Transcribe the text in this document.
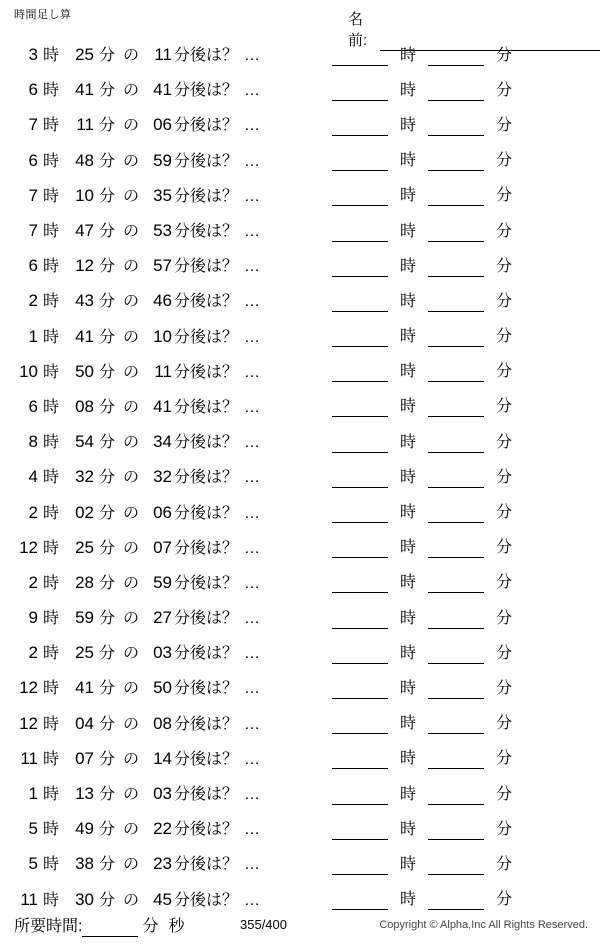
時間足し算	名前:
3 時 25 分 の 11 分後は？ …	時	分
6 時 41 分 の 41 分後は？ …	時	分
7 時	11 分 の 06 分後は？ …	時	分
6 時 48 分 の 59 分後は？ …	時	分
7 時 10 分 の 35 分後は？ …	時	分
7 時 47 分 の 53 分後は？ …	時	分
6 時 12 分 の 57 分後は？ …	時	分
2 時 43 分 の 46 分後は？ …	時	分
1 時 41 分 の 10 分後は？ …	時	分
10 時 50 分 の 11 分後は？ …	時	分
6 時 08 分 の 41 分後は？ …	時	分
8 時 54 分 の 34 分後は？ …	時	分
4 時 32 分 の 32 分後は？ …	時	分
2 時 02 分 の 06 分後は？ …	時	分
12 時 25 分 の 07 分後は？ …	時	分
2 時 28 分 の 59 分後は？ …	時	分
9 時 59 分 の 27 分後は？ …	時	分
2 時 25 分 の 03 分後は？ …	時	分
12 時 41 分 の 50 分後は？ …	時	分
12 時 04 分 の 08 分後は？ …	時	分
11 時 07 分 の 14 分後は？ …	時	分
1 時 13 分 の 03 分後は？ …	時	分
5 時 49 分 の 22 分後は？ …	時	分
5 時 38 分 の 23 分後は？ …	時	分
11 時 30 分 の 45 分後は？ …	時	分
所要時間:	分 秒	355/400	Copyright © Alpha,Inc All Rights Reserved.
